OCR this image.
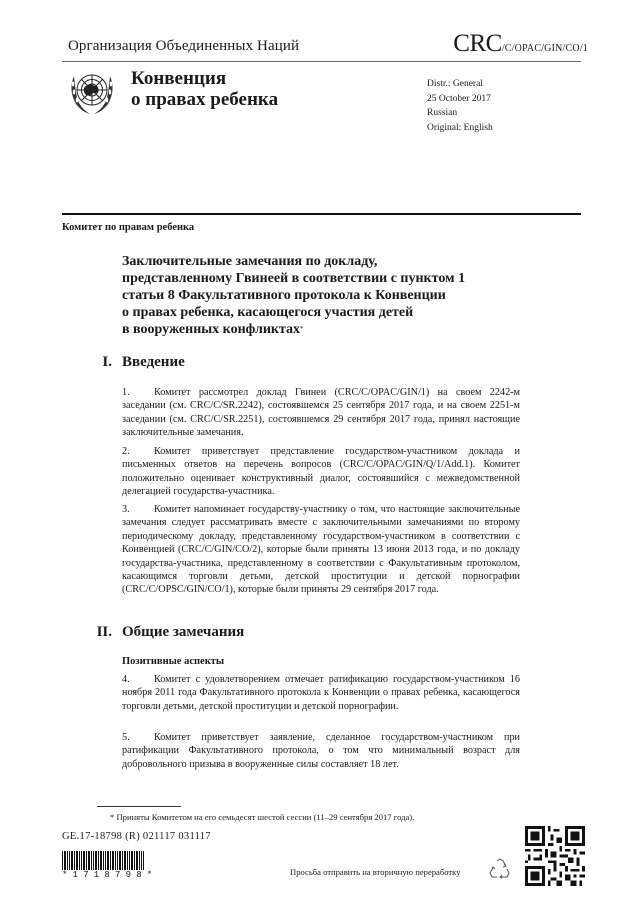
Организация Объединенных Наций	CRC/C/OPAC/GIN/CO/1
Конвенция
о правах ребенка
Distr.: General
25 October 2017
Russian
Original: English
Комитет по правам ребенка
Заключительные замечания по докладу,
представленному Гвинеей в соответствии с пунктом 1
статьи 8 Факультативного протокола к Конвенции
о правах ребенка, касающегося участия детей
в вооруженных конфликтах*
I. Введение
1. Комитет рассмотрел доклад Гвинеи (CRC/C/OPAC/GIN/1) на своем 2242-м заседании (см. CRC/C/SR.2242), состоявшемся 25 сентября 2017 года, и на своем 2251-м заседании (см. CRC/C/SR.2251), состоявшемся 29 сентября 2017 года, принял настоящие заключительные замечания.
2. Комитет приветствует представление государством-участником доклада и письменных ответов на перечень вопросов (CRC/C/OPAC/GIN/Q/1/Add.1). Комитет положительно оценивает конструктивный диалог, состоявшийся с межведомственной делегацией государства-участника.
3. Комитет напоминает государству-участнику о том, что настоящие заключительные замечания следует рассматривать вместе с заключительными замечаниями по второму периодическому докладу, представленному государством-участником в соответствии с Конвенцией (CRC/C/GIN/CO/2), которые были приняты 13 июня 2013 года, и по докладу государства-участника, представленному в соответствии с Факультативным протоколом, касающимся торговли детьми, детской проституции и детской порнографии (CRC/C/OPSC/GIN/CO/1), которые были приняты 29 сентября 2017 года.
II. Общие замечания
Позитивные аспекты
4. Комитет с удовлетворением отмечает ратификацию государством-участником 16 ноября 2011 года Факультативного протокола к Конвенции о правах ребенка, касающегося торговли детьми, детской проституции и детской порнографии.
5. Комитет приветствует заявление, сделанное государством-участником при ратификации Факультативного протокола, о том что минимальный возраст для добровольного призыва в вооруженные силы составляет 18 лет.
* Приняты Комитетом на его семьдесят шестой сессии (11–29 сентября 2017 года).
GE.17-18798 (R) 021117 031117
*1718798*	Просьба отправить на вторичную переработку
